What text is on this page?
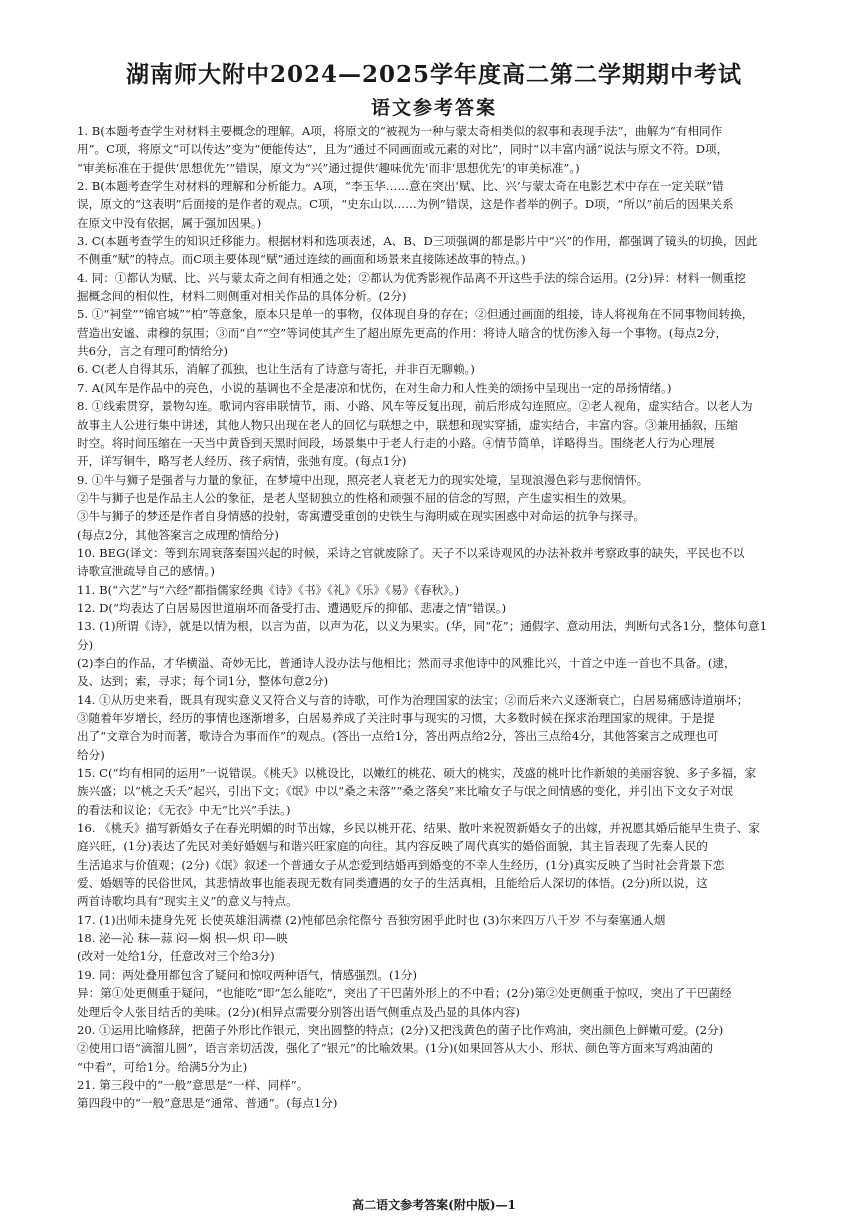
湖南师大附中2024—2025学年度高二第二学期期中考试
语文参考答案
1. B(本题考查学生对材料主要概念的理解。A项，将原文的“被视为一种与蒙太奇相类似的叙事和表现手法”，曲解为“有相同作
用”。C项，将原文“可以传达”变为“便能传达”，且为“通过不同画面或元素的对比”，同时“以丰富内涵”说法与原文不符。D项，
“审美标准在于提供‘思想优先’”错误，原文为“兴”通过提供‘趣味优先’而非‘思想优先’的审美标准”。)
2. B(本题考查学生对材料的理解和分析能力。A项，“李玉华……意在突出‘赋、比、兴’与蒙太奇在电影艺术中存在一定关联”错
误，原文的“这表明”后面接的是作者的观点。C项，“史东山以……为例”错误，这是作者举的例子。D项，“所以”前后的因果关系
在原文中没有依据，属于强加因果。)
3. C(本题考查学生的知识迁移能力。根据材料和选项表述，A、B、D三项强调的都是影片中“兴”的作用，都强调了镜头的切换，因此
不侧重“赋”的特点。而C项主要体现“赋”通过连续的画面和场景来直接陈述故事的特点。)
4. 同：①都认为赋、比、兴与蒙太奇之间有相通之处；②都认为优秀影视作品离不开这些手法的综合运用。(2分)异：材料一侧重挖
掘概念间的相似性，材料二则侧重对相关作品的具体分析。(2分)
5. ①“祠堂”“锦官城”“柏”等意象，原本只是单一的事物，仅体现自身的存在；②但通过画面的组接，诗人将视角在不同事物间转换，
营造出安谧、肃穆的氛围；③而“自”“空”等词使其产生了超出原先更高的作用：将诗人暗含的忧伤渗入每一个事物。(每点2分，
共6分，言之有理可酌情给分)
6. C(老人自得其乐，消解了孤独，也让生活有了诗意与寄托，并非百无聊赖。)
7. A(风车是作品中的亮色，小说的基调也不全是凄凉和忧伤，在对生命力和人性美的颂扬中呈现出一定的昂扬情绪。)
8. ①线索贯穿，景物勾连。歌词内容串联情节，雨、小路、风车等反复出现，前后形成勾连照应。②老人视角，虚实结合。以老人为
故事主人公进行集中讲述，其他人物只出现在老人的回忆与联想之中，联想和现实穿插，虚实结合，丰富内容。③兼用插叙，压缩
时空。将时间压缩在一天当中黄昏到天黑时间段，场景集中于老人行走的小路。④情节简单，详略得当。围绕老人行为心理展
开，详写铜牛，略写老人经历、孩子病情，张弛有度。(每点1分)
9. ①牛与狮子是强者与力量的象征，在梦境中出现，照亮老人衰老无力的现实处境，呈现浪漫色彩与悲悯情怀。
②牛与狮子也是作品主人公的象征，是老人坚韧独立的性格和顽强不屈的信念的写照，产生虚实相生的效果。
③牛与狮子的梦还是作者自身情感的投射，寄寓遭受重创的史铁生与海明威在现实困惑中对命运的抗争与探寻。
(每点2分，其他答案言之成理酌情给分)
10. BEG(译文：等到东周衰落秦国兴起的时候，采诗之官就废除了。天子不以采诗观风的办法补救并考察政事的缺失，平民也不以
诗歌宣泄疏导自己的感情。)
11. B(“六艺”与“六经”都指儒家经典《诗》《书》《礼》《乐》《易》《春秋》。)
12. D(“均表达了白居易因世道崩坏而备受打击、遭遇贬斥的抑郁、悲凄之情”错误。)
13. (1)所谓《诗》，就是以情为根，以言为苗，以声为花，以义为果实。(华，同“花”；通假字、意动用法，判断句式各1分，整体句意1
分)
(2)李白的作品，才华横溢、奇妙无比，普通诗人没办法与他相比；然而寻求他诗中的风雅比兴，十首之中连一首也不具备。(逮，
及、达到；索，寻求；每个词1分，整体句意2分)
14. ①从历史来看，既具有现实意义又符合义与音的诗歌，可作为治理国家的法宝；②而后来六义逐渐衰亡，白居易痛感诗道崩坏；
③随着年岁增长，经历的事情也逐渐增多，白居易养成了关注时事与现实的习惯，大多数时候在探求治理国家的规律。于是提
出了“文章合为时而著，歌诗合为事而作”的观点。(答出一点给1分，答出两点给2分，答出三点给4分，其他答案言之成理也可
给分)
15. C(“均有相同的运用”一说错误。《桃夭》以桃设比，以嫩红的桃花、硕大的桃实，茂盛的桃叶比作新娘的美丽容貌、多子多福，家
族兴盛；以“桃之夭夭”起兴，引出下文；《氓》中以“桑之未落”“桑之落矣”来比喻女子与氓之间情感的变化，并引出下文女子对氓
的看法和议论；《无衣》中无“比兴”手法。)
16. 《桃夭》描写新婚女子在春光明媚的时节出嫁，乡民以桃开花、结果、散叶来祝贺新婚女子的出嫁，并祝愿其婚后能早生贵子、家
庭兴旺，(1分)表达了先民对美好婚姻与和谐兴旺家庭的向往。其内容反映了周代真实的婚俗面貌，其主旨表现了先秦人民的
生活追求与价值观；(2分)《氓》叙述一个普通女子从恋爱到结婚再到婚变的不幸人生经历，(1分)真实反映了当时社会背景下恋
爱、婚姻等的民俗世风，其悲情故事也能表现无数有同类遭遇的女子的生活真相，且能给后人深切的体悟。(2分)所以说，这
两首诗歌均具有“现实主义”的意义与特点。
17. (1)出师未捷身先死 长使英雄泪满襟 (2)忳郁邑余侘傺兮 吾独穷困乎此时也 (3)尔来四万八千岁 不与秦塞通人烟
18. 泌—沁 秣—蒜 闷—焖 枳—炽 印—映
(改对一处给1分，任意改对三个给3分)
19. 同：两处叠用都包含了疑问和惊叹两种语气，情感强烈。(1分)
异：第①处更侧重于疑问，“也能吃”即“怎么能吃”，突出了干巴菌外形上的不中看；(2分)第②处更侧重于惊叹，突出了干巴菌经
处理后令人张目结舌的美味。(2分)(相异点需要分别答出语气侧重点及凸显的具体内容)
20. ①运用比喻修辞，把菌子外形比作银元，突出圆整的特点；(2分)又把浅黄色的菌子比作鸡油，突出颜色上鲜嫩可爱。(2分)
②使用口语“滴溜儿圆”，语言亲切活泼，强化了“银元”的比喻效果。(1分)(如果回答从大小、形状、颜色等方面来写鸡油菌的
“中看”，可给1分。给满5分为止)
21. 第三段中的“一般”意思是“一样、同样”。
第四段中的“一般”意思是“通常、普通”。(每点1分)
高二语文参考答案(附中版)—1
